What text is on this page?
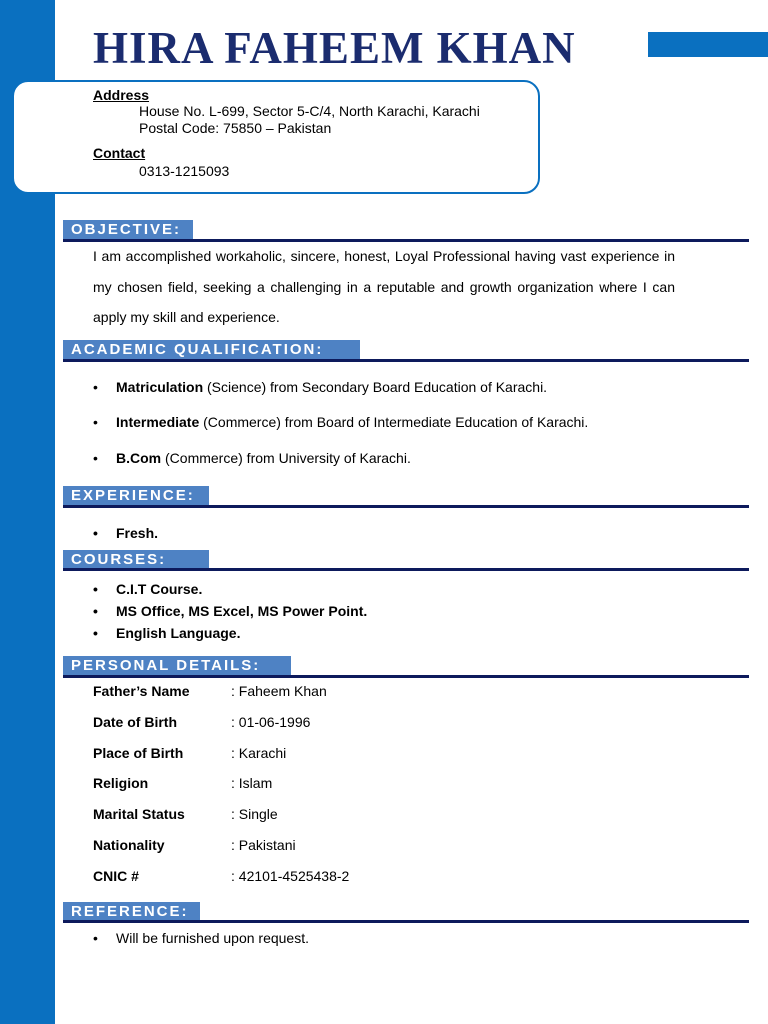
HIRA FAHEEM KHAN
Address
House No. L-699, Sector 5-C/4, North Karachi, Karachi
Postal Code: 75850 – Pakistan
Contact
0313-1215093
OBJECTIVE:
I am accomplished workaholic, sincere, honest, Loyal Professional having vast experience in my chosen field, seeking a challenging in a reputable and growth organization where I can apply my skill and experience.
ACADEMIC QUALIFICATION:
• Matriculation (Science) from Secondary Board Education of Karachi.
• Intermediate (Commerce) from Board of Intermediate Education of Karachi.
• B.Com (Commerce) from University of Karachi.
EXPERIENCE:
• Fresh.
COURSES:
• C.I.T Course.
• MS Office, MS Excel, MS Power Point.
• English Language.
PERSONAL DETAILS:
Father’s Name	: Faheem Khan
Date of Birth	: 01-06-1996
Place of Birth	: Karachi
Religion	: Islam
Marital Status	: Single
Nationality	: Pakistani
CNIC #	: 42101-4525438-2
REFERENCE:
• Will be furnished upon request.
